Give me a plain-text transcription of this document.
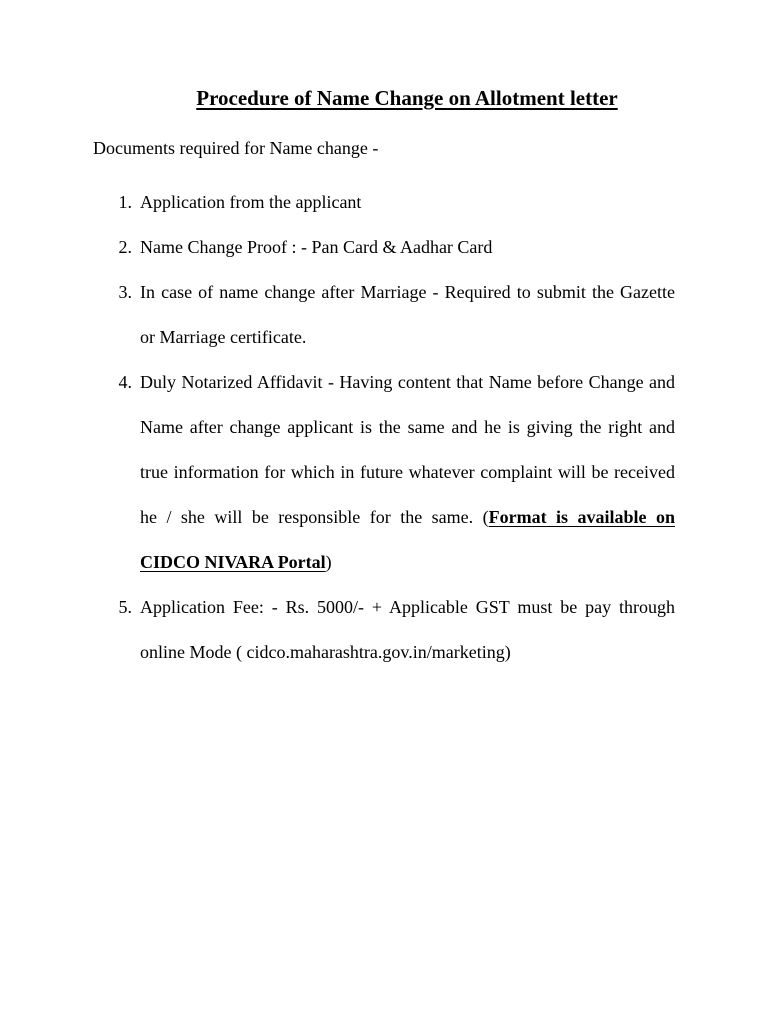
Procedure of Name Change on Allotment letter
Documents required for Name change -
1. Application from the applicant
2. Name Change Proof : - Pan Card & Aadhar Card
3. In case of name change after Marriage - Required to submit the Gazette or Marriage certificate.
4. Duly Notarized Affidavit - Having content that Name before Change and Name after change applicant is the same and he is giving the right and true information for which in future whatever complaint will be received he / she will be responsible for the same. (Format is available on CIDCO NIVARA Portal)
5. Application Fee: - Rs. 5000/- + Applicable GST must be pay through online Mode ( cidco.maharashtra.gov.in/marketing)
